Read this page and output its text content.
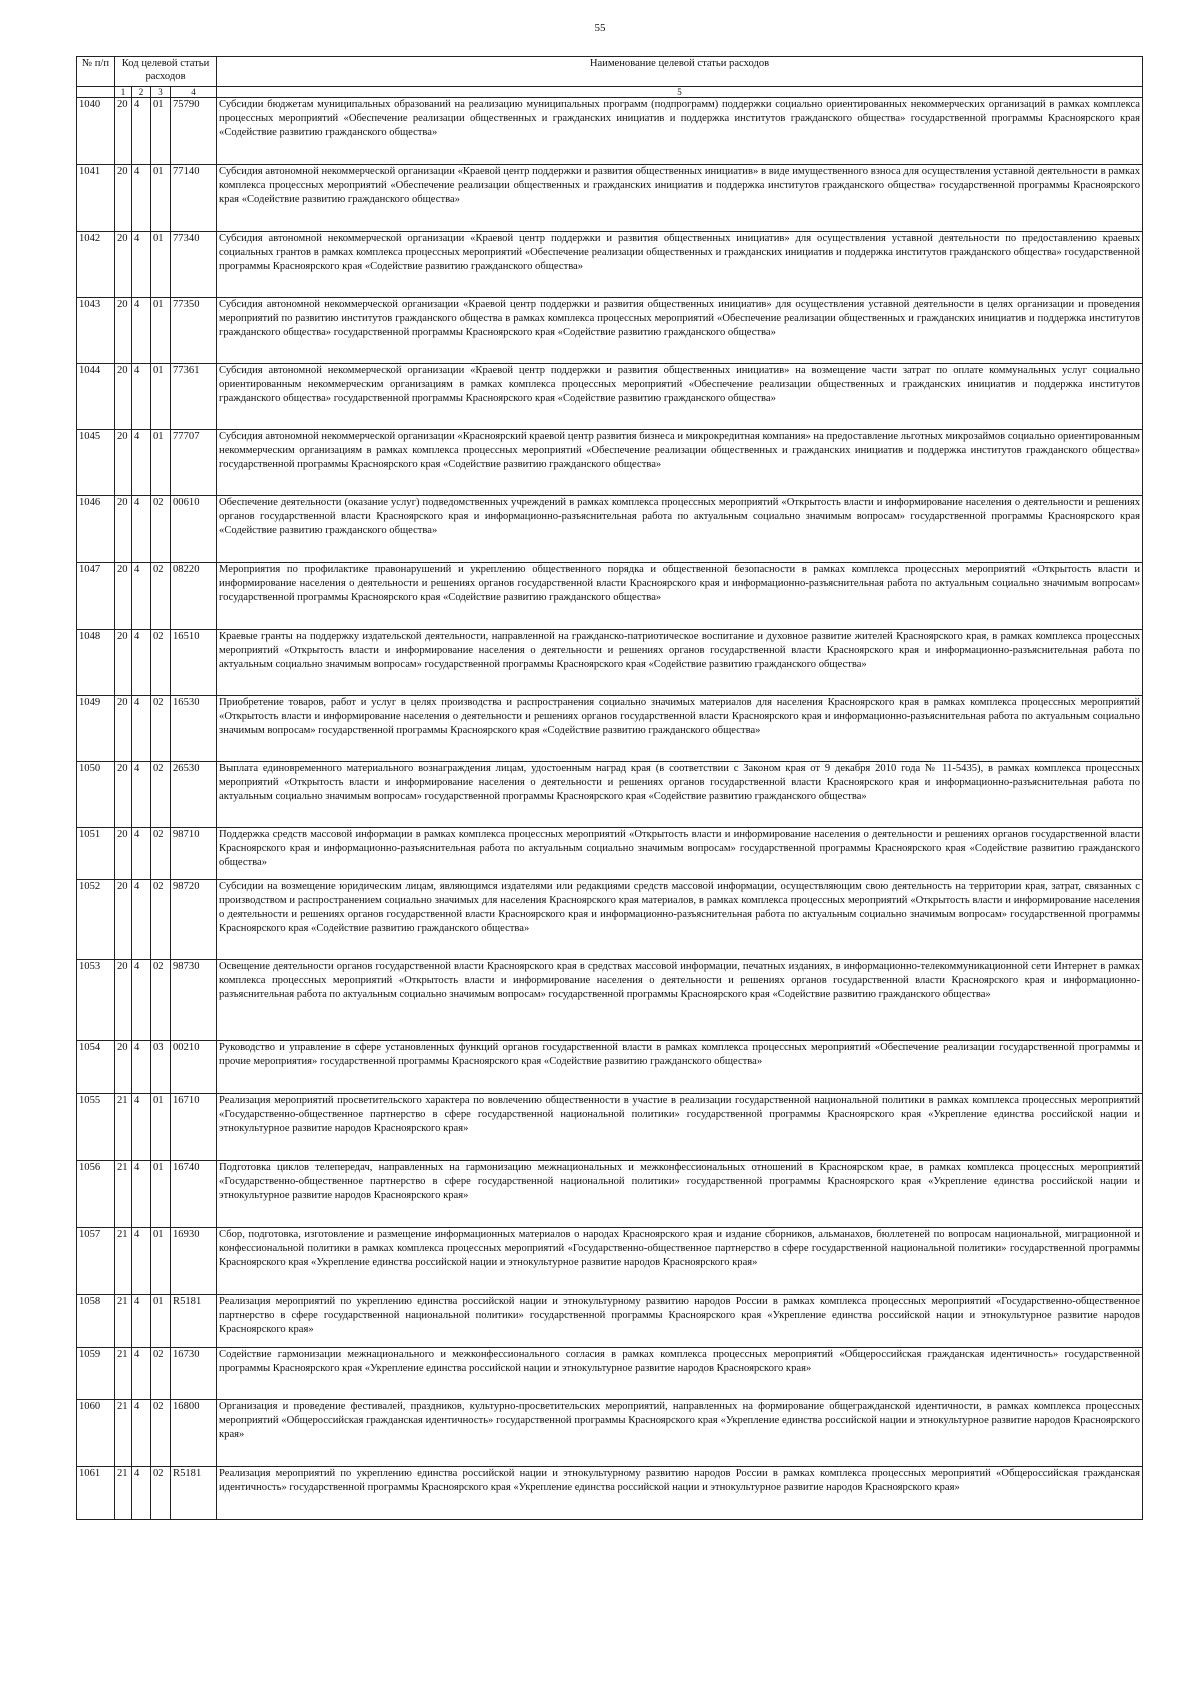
55
№ п/п	Код целевой статьи расходов				Наименование целевой статьи расходов

	1	2	3	4	5
1040	20	4	01	75790	Субсидии бюджетам муниципальных образований на реализацию муниципальных программ (подпрограмм) поддержки социально ориентированных некоммерческих организаций в рамках комплекса процессных мероприятий «Обеспечение реализации общественных и гражданских инициатив и поддержка институтов гражданского общества» государственной программы Красноярского края «Содействие развитию гражданского общества»
1041	20	4	01	77140	Субсидия автономной некоммерческой организации «Краевой центр поддержки и развития общественных инициатив» в виде имущественного взноса для осуществления уставной деятельности в рамках комплекса процессных мероприятий «Обеспечение реализации общественных и гражданских инициатив и поддержка институтов гражданского общества» государственной программы Красноярского края «Содействие развитию гражданского общества»
1042	20	4	01	77340	Субсидия автономной некоммерческой организации «Краевой центр поддержки и развития общественных инициатив» для осуществления уставной деятельности по предоставлению краевых социальных грантов в рамках комплекса процессных мероприятий «Обеспечение реализации общественных и гражданских инициатив и поддержка институтов гражданского общества» государственной программы Красноярского края «Содействие развитию гражданского общества»
1043	20	4	01	77350	Субсидия автономной некоммерческой организации «Краевой центр поддержки и развития общественных инициатив» для осуществления уставной деятельности в целях организации и проведения мероприятий по развитию институтов гражданского общества в рамках комплекса процессных мероприятий «Обеспечение реализации общественных и гражданских инициатив и поддержка институтов гражданского общества» государственной программы Красноярского края «Содействие развитию гражданского общества»
1044	20	4	01	77361	Субсидия автономной некоммерческой организации «Краевой центр поддержки и развития общественных инициатив» на возмещение части затрат по оплате коммунальных услуг социально ориентированным некоммерческим организациям в рамках комплекса процессных мероприятий «Обеспечение реализации общественных и гражданских инициатив и поддержка институтов гражданского общества» государственной программы Красноярского края «Содействие развитию гражданского общества»
1045	20	4	01	77707	Субсидия автономной некоммерческой организации «Красноярский краевой центр развития бизнеса и микрокредитная компания» на предоставление льготных микрозаймов социально ориентированным некоммерческим организациям в рамках комплекса процессных мероприятий «Обеспечение реализации общественных и гражданских инициатив и поддержка институтов гражданского общества» государственной программы Красноярского края «Содействие развитию гражданского общества»
1046	20	4	02	00610	Обеспечение деятельности (оказание услуг) подведомственных учреждений в рамках комплекса процессных мероприятий «Открытость власти и информирование населения о деятельности и решениях органов государственной власти Красноярского края и информационно-разъяснительная работа по актуальным социально значимым вопросам» государственной программы Красноярского края «Содействие развитию гражданского общества»
1047	20	4	02	08220	Мероприятия по профилактике правонарушений и укреплению общественного порядка и общественной безопасности в рамках комплекса процессных мероприятий «Открытость власти и информирование населения о деятельности и решениях органов государственной власти Красноярского края и информационно-разъяснительная работа по актуальным социально значимым вопросам» государственной программы Красноярского края «Содействие развитию гражданского общества»
1048	20	4	02	16510	Краевые гранты на поддержку издательской деятельности, направленной на гражданско-патриотическое воспитание и духовное развитие жителей Красноярского края, в рамках комплекса процессных мероприятий «Открытость власти и информирование населения о деятельности и решениях органов государственной власти Красноярского края и информационно-разъяснительная работа по актуальным социально значимым вопросам» государственной программы Красноярского края «Содействие развитию гражданского общества»
1049	20	4	02	16530	Приобретение товаров, работ и услуг в целях производства и распространения социально значимых материалов для населения Красноярского края в рамках комплекса процессных мероприятий «Открытость власти и информирование населения о деятельности и решениях органов государственной власти Красноярского края и информационно-разъяснительная работа по актуальным социально значимым вопросам» государственной программы Красноярского края «Содействие развитию гражданского общества»
1050	20	4	02	26530	Выплата единовременного материального вознаграждения лицам, удостоенным наград края (в соответствии с Законом края от 9 декабря 2010 года № 11-5435), в рамках комплекса процессных мероприятий «Открытость власти и информирование населения о деятельности и решениях органов государственной власти Красноярского края и информационно-разъяснительная работа по актуальным социально значимым вопросам» государственной программы Красноярского края «Содействие развитию гражданского общества»
1051	20	4	02	98710	Поддержка средств массовой информации в рамках комплекса процессных мероприятий «Открытость власти и информирование населения о деятельности и решениях органов государственной власти Красноярского края и информационно-разъяснительная работа по актуальным социально значимым вопросам» государственной программы Красноярского края «Содействие развитию гражданского общества»
1052	20	4	02	98720	Субсидии на возмещение юридическим лицам, являющимся издателями или редакциями средств массовой информации, осуществляющим свою деятельность на территории края, затрат, связанных с производством и распространением социально значимых для населения Красноярского края материалов, в рамках комплекса процессных мероприятий «Открытость власти и информирование населения о деятельности и решениях органов государственной власти Красноярского края и информационно-разъяснительная работа по актуальным социально значимым вопросам» государственной программы Красноярского края «Содействие развитию гражданского общества»
1053	20	4	02	98730	Освещение деятельности органов государственной власти Красноярского края в средствах массовой информации, печатных изданиях, в информационно-телекоммуникационной сети Интернет в рамках комплекса процессных мероприятий «Открытость власти и информирование населения о деятельности и решениях органов государственной власти Красноярского края и информационно-разъяснительная работа по актуальным социально значимым вопросам» государственной программы Красноярского края «Содействие развитию гражданского общества»
1054	20	4	03	00210	Руководство и управление в сфере установленных функций органов государственной власти в рамках комплекса процессных мероприятий «Обеспечение реализации государственной программы и прочие мероприятия» государственной программы Красноярского края «Содействие развитию гражданского общества»
1055	21	4	01	16710	Реализация мероприятий просветительского характера по вовлечению общественности в участие в реализации государственной национальной политики в рамках комплекса процессных мероприятий «Государственно-общественное партнерство в сфере государственной национальной политики» государственной программы Красноярского края «Укрепление единства российской нации и этнокультурное развитие народов Красноярского края»
1056	21	4	01	16740	Подготовка циклов телепередач, направленных на гармонизацию межнациональных и межконфессиональных отношений в Красноярском крае, в рамках комплекса процессных мероприятий «Государственно-общественное партнерство в сфере государственной национальной политики» государственной программы Красноярского края «Укрепление единства российской нации и этнокультурное развитие народов Красноярского края»
1057	21	4	01	16930	Сбор, подготовка, изготовление и размещение информационных материалов о народах Красноярского края и издание сборников, альманахов, бюллетеней по вопросам национальной, миграционной и конфессиональной политики в рамках комплекса процессных мероприятий «Государственно-общественное партнерство в сфере государственной национальной политики» государственной программы Красноярского края «Укрепление единства российской нации и этнокультурное развитие народов Красноярского края»
1058	21	4	01	R5181	Реализация мероприятий по укреплению единства российской нации и этнокультурному развитию народов России в рамках комплекса процессных мероприятий «Государственно-общественное партнерство в сфере государственной национальной политики» государственной программы Красноярского края «Укрепление единства российской нации и этнокультурное развитие народов Красноярского края»
1059	21	4	02	16730	Содействие гармонизации межнационального и межконфессионального согласия в рамках комплекса процессных мероприятий «Общероссийская гражданская идентичность» государственной программы Красноярского края «Укрепление единства российской нации и этнокультурное развитие народов Красноярского края»
1060	21	4	02	16800	Организация и проведение фестивалей, праздников, культурно-просветительских мероприятий, направленных на формирование общегражданской идентичности, в рамках комплекса процессных мероприятий «Общероссийская гражданская идентичность» государственной программы Красноярского края «Укрепление единства российской нации и этнокультурное развитие народов Красноярского края»
1061	21	4	02	R5181	Реализация мероприятий по укреплению единства российской нации и этнокультурному развитию народов России в рамках комплекса процессных мероприятий «Общероссийская гражданская идентичность» государственной программы Красноярского края «Укрепление единства российской нации и этнокультурное развитие народов Красноярского края»
